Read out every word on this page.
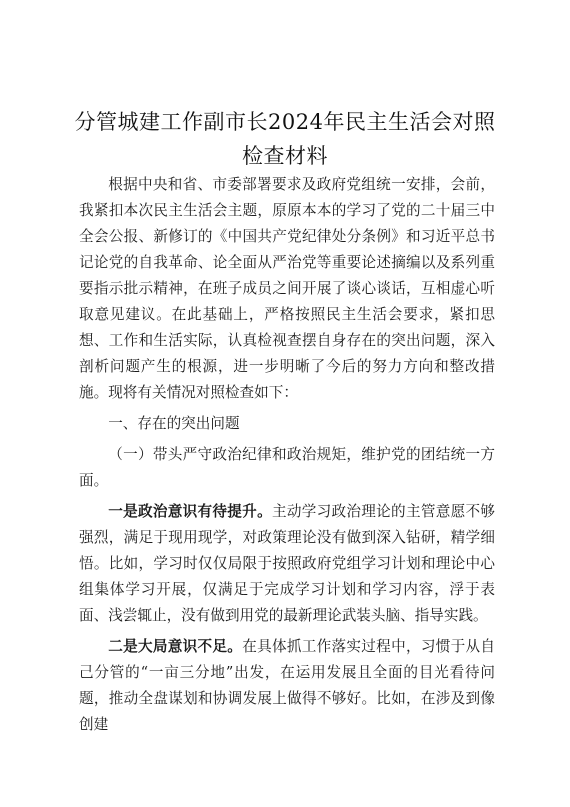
分管城建工作副市长2024年民主生活会对照
检查材料

根据中央和省、市委部署要求及政府党组统一安排，会前，我紧扣本次民主生活会主题，原原本本的学习了党的二十届三中全会公报、新修订的《中国共产党纪律处分条例》和习近平总书记论党的自我革命、论全面从严治党等重要论述摘编以及系列重要指示批示精神，在班子成员之间开展了谈心谈话，互相虚心听取意见建议。在此基础上，严格按照民主生活会要求，紧扣思想、工作和生活实际，认真检视查摆自身存在的突出问题，深入剖析问题产生的根源，进一步明晰了今后的努力方向和整改措施。现将有关情况对照检查如下：

一、存在的突出问题

（一）带头严守政治纪律和政治规矩，维护党的团结统一方面。

一是政治意识有待提升。主动学习政治理论的主管意愿不够强烈，满足于现用现学，对政策理论没有做到深入钻研，精学细悟。比如，学习时仅仅局限于按照政府党组学习计划和理论中心组集体学习开展，仅满足于完成学习计划和学习内容，浮于表面、浅尝辄止，没有做到用党的最新理论武装头脑、指导实践。

二是大局意识不足。在具体抓工作落实过程中，习惯于从自己分管的“一亩三分地”出发，在运用发展且全面的目光看待问题，推动全盘谋划和协调发展上做得不够好。比如，在涉及到像创建
